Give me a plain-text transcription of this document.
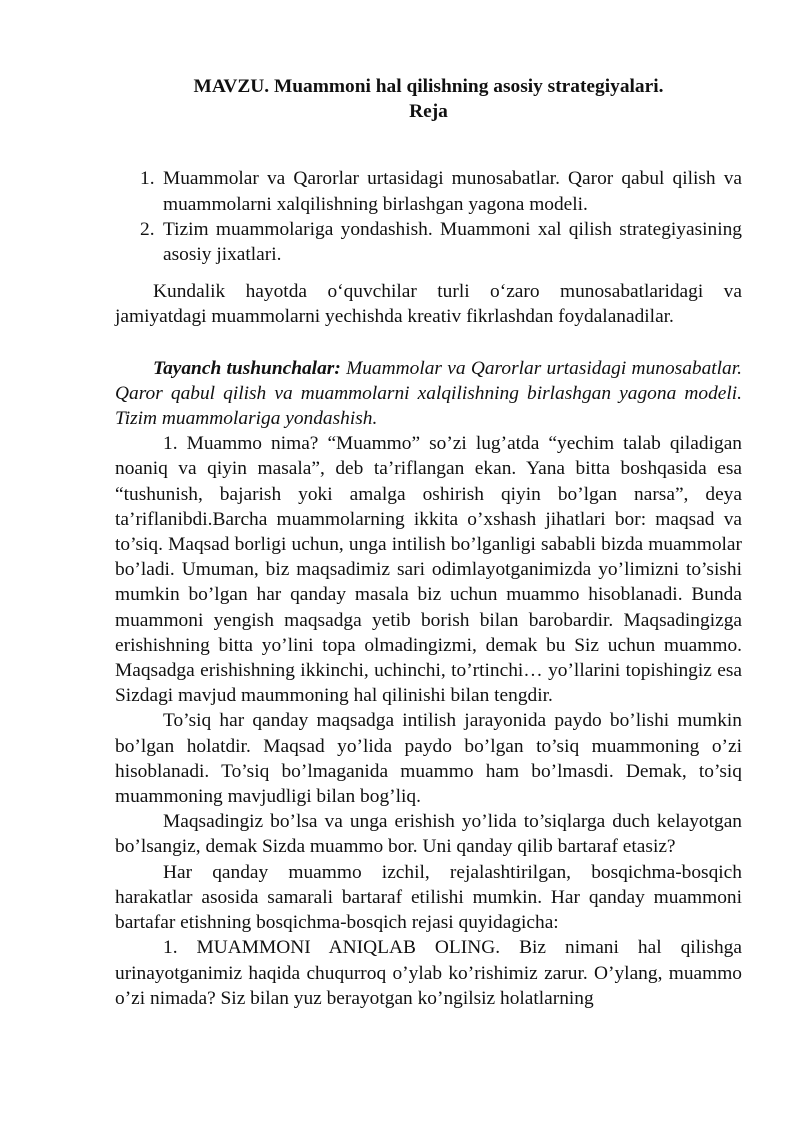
MAVZU. Muammoni hal qilishning asosiy strategiyalari.

Reja

1. Muammolar va Qarorlar urtasidagi munosabatlar. Qaror qabul qilish va muammolarni xalqilishning birlashgan yagona modeli.
2. Tizim muammolariga yondashish. Muammoni xal qilish strategiyasining asosiy jixatlari.

Kundalik hayotda o‘quvchilar turli o‘zaro munosabatlaridagi va jamiyatdagi muammolarni yechishda kreativ fikrlashdan foydalanadilar.

Tayanch tushunchalar: Muammolar va Qarorlar urtasidagi munosabatlar. Qaror qabul qilish va muammolarni xalqilishning birlashgan yagona modeli. Tizim muammolariga yondashish.

1. Muammo nima? “Muammo” so’zi lug’atda “yechim talab qiladigan noaniq va qiyin masala”, deb ta’riflangan ekan. Yana bitta boshqasida esa “tushunish, bajarish yoki amalga oshirish qiyin bo’lgan narsa”, deya ta’riflanibdi.Barcha muammolarning ikkita o’xshash jihatlari bor: maqsad va to’siq. Maqsad borligi uchun, unga intilish bo’lganligi sababli bizda muammolar bo’ladi. Umuman, biz maqsadimiz sari odimlayotganimizda yo’limizni to’sishi mumkin bo’lgan har qanday masala biz uchun muammo hisoblanadi. Bunda muammoni yengish maqsadga yetib borish bilan barobardir. Maqsadingizga erishishning bitta yo’lini topa olmadingizmi, demak bu Siz uchun muammo. Maqsadga erishishning ikkinchi, uchinchi, to’rtinchi… yo’llarini topishingiz esa Sizdagi mavjud maummoning hal qilinishi bilan tengdir.

To’siq har qanday maqsadga intilish jarayonida paydo bo’lishi mumkin bo’lgan holatdir. Maqsad yo’lida paydo bo’lgan to’siq muammoning o’zi hisoblanadi. To’siq bo’lmaganida muammo ham bo’lmasdi. Demak, to’siq muammoning mavjudligi bilan bog’liq.

Maqsadingiz bo’lsa va unga erishish yo’lida to’siqlarga duch kelayotgan bo’lsangiz, demak Sizda muammo bor. Uni qanday qilib bartaraf etasiz?

Har qanday muammo izchil, rejalashtirilgan, bosqichma-bosqich harakatlar asosida samarali bartaraf etilishi mumkin. Har qanday muammoni bartafar etishning bosqichma-bosqich rejasi quyidagicha:

1. MUAMMONI ANIQLAB OLING. Biz nimani hal qilishga urinayotganimiz haqida chuqurroq o’ylab ko’rishimiz zarur. O’ylang, muammo o’zi nimada? Siz bilan yuz berayotgan ko’ngilsiz holatlarning
